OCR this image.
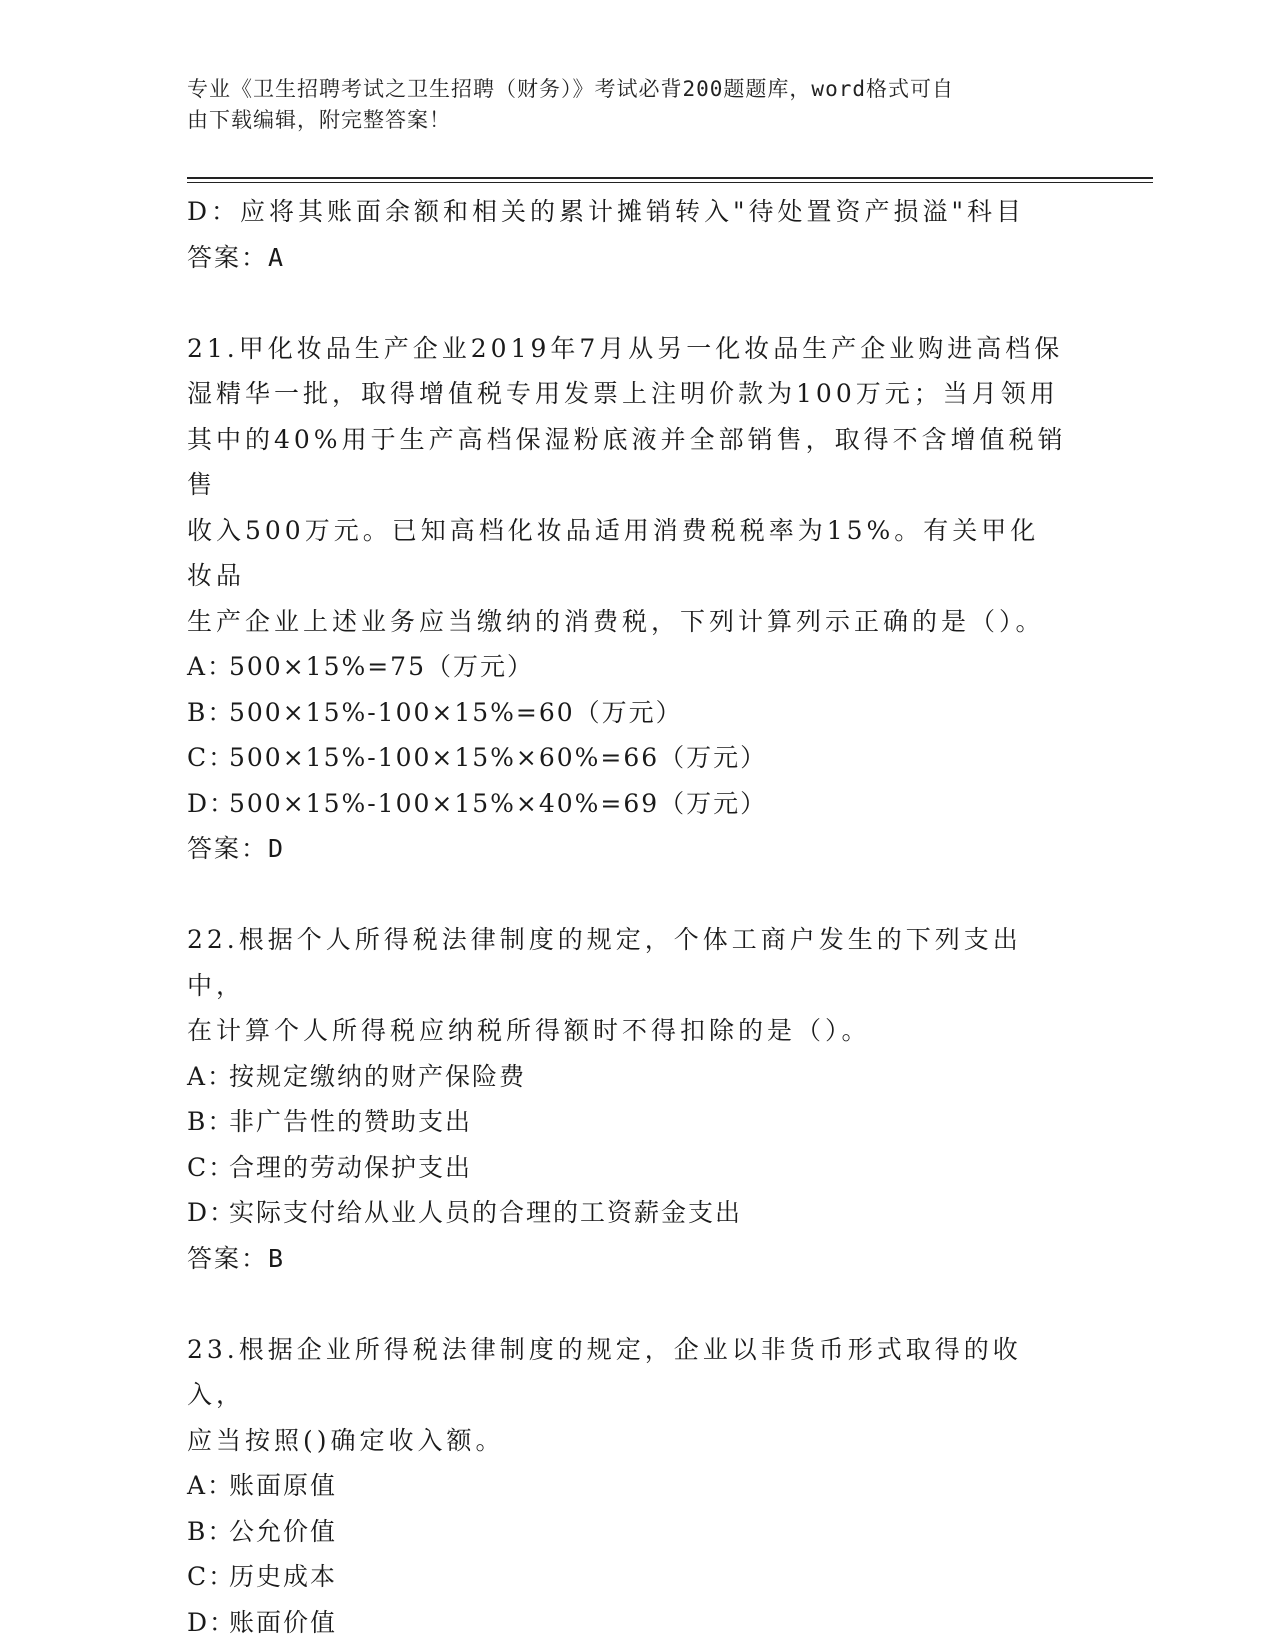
专业《卫生招聘考试之卫生招聘（财务）》考试必背200题题库，word格式可自
由下载编辑，附完整答案！
D：应将其账面余额和相关的累计摊销转入"待处置资产损溢"科目
答案：A
21.甲化妆品生产企业2019年7月从另一化妆品生产企业购进高档保
湿精华一批，取得增值税专用发票上注明价款为100万元；当月领用
其中的40%用于生产高档保湿粉底液并全部销售，取得不含增值税销售
收入500万元。已知高档化妆品适用消费税税率为15%。有关甲化妆品
生产企业上述业务应当缴纳的消费税，下列计算列示正确的是（）。
A：500×15%=75（万元）
B：500×15%-100×15%=60（万元）
C：500×15%-100×15%×60%=66（万元）
D：500×15%-100×15%×40%=69（万元）
答案：D
22.根据个人所得税法律制度的规定，个体工商户发生的下列支出中，
在计算个人所得税应纳税所得额时不得扣除的是（）。
A：按规定缴纳的财产保险费
B：非广告性的赞助支出
C：合理的劳动保护支出
D：实际支付给从业人员的合理的工资薪金支出
答案：B
23.根据企业所得税法律制度的规定，企业以非货币形式取得的收入，
应当按照()确定收入额。
A：账面原值
B：公允价值
C：历史成本
D：账面价值
